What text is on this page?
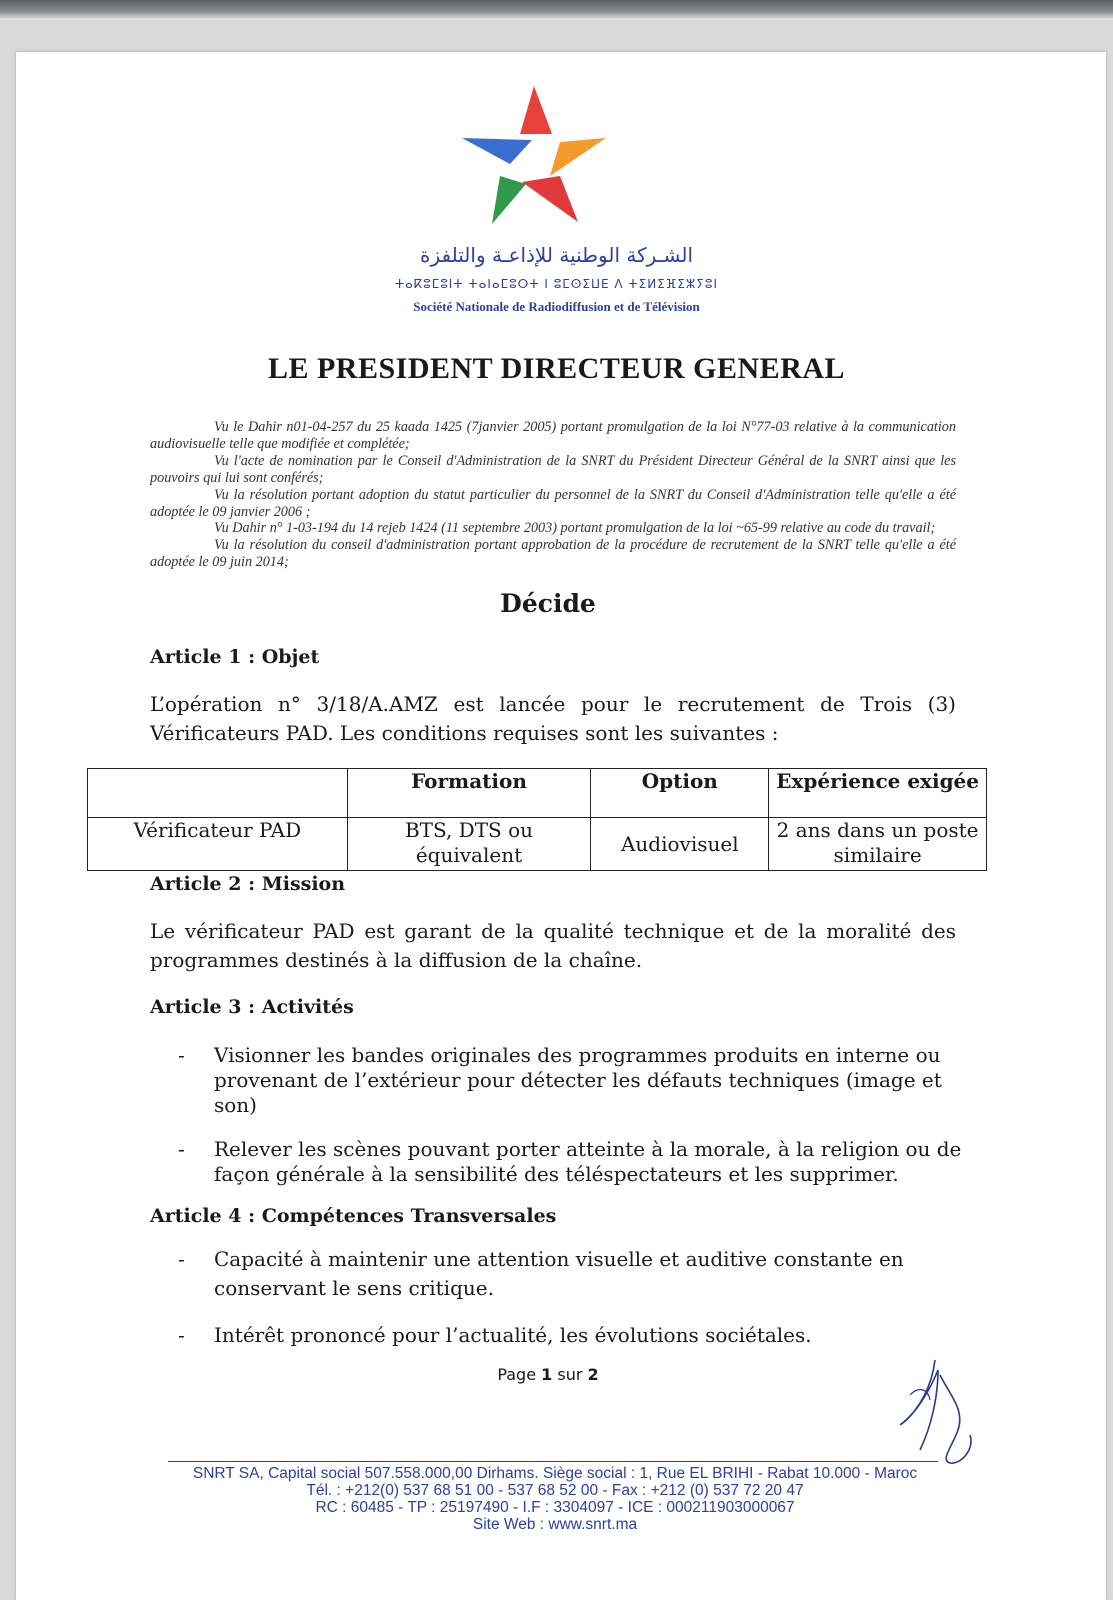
الشـركة الوطنية للإذاعـة والتلفزة
ⵜⴰⴽⵓⵎⵓⵏⵜ ⵜⴰⵏⴰⵎⵓⵔⵜ ⵏ ⵓⵎⵙⵉⵡⴹ ⴷ ⵜⵉⵍⵉⴼⵉⵣⵢⵓⵏ
Société Nationale de Radiodiffusion et de Télévision
LE PRESIDENT DIRECTEUR GENERAL

Vu le Dahir n01-04-257 du 25 kaada 1425 (7janvier 2005) portant promulgation de la loi N°77-03 relative à la communication audiovisuelle telle que modifiée et complétée;

Vu l'acte de nomination par le Conseil d'Administration de la SNRT du Président Directeur Général de la SNRT ainsi que les pouvoirs qui lui sont conférés;

Vu la résolution portant adoption du statut particulier du personnel de la SNRT du Conseil d'Administration telle qu'elle a été adoptée le 09 janvier 2006 ;

Vu Dahir n° 1-03-194 du 14 rejeb 1424 (11 septembre 2003) portant promulgation de la loi ~65-99 relative au code du travail;

Vu la résolution du conseil d'administration portant approbation de la procédure de recrutement de la SNRT telle qu'elle a été adoptée le 09 juin 2014;

Décide
Article 1 : Objet
L’opération n° 3/18/A.AMZ est lancée pour le recrutement de Trois (3) Vérificateurs PAD. Les conditions requises sont les suivantes :
	Formation	Option	Expérience exigée
Vérificateur PAD	BTS, DTS ou équivalent	Audiovisuel	2 ans dans un poste similaire
Article 2 : Mission
Le vérificateur PAD est garant de la qualité technique et de la moralité des programmes destinés à la diffusion de la chaîne.
Article 3 : Activités
- Visionner les bandes originales des programmes produits en interne ou provenant de l’extérieur pour détecter les défauts techniques (image et son)
- Relever les scènes pouvant porter atteinte à la morale, à la religion ou de façon générale à la sensibilité des téléspectateurs et les supprimer.
Article 4 : Compétences Transversales
- Capacité à maintenir une attention visuelle et auditive constante en conservant le sens critique.
- Intérêt prononcé pour l’actualité, les évolutions sociétales.
Page 1 sur 2
SNRT SA, Capital social 507.558.000,00 Dirhams. Siège social : 1, Rue EL BRIHI - Rabat 10.000 - Maroc
Tél. : +212(0) 537 68 51 00 - 537 68 52 00 - Fax : +212 (0) 537 72 20 47
RC : 60485 - TP : 25197490 - I.F : 3304097 - ICE : 000211903000067
Site Web : www.snrt.ma
